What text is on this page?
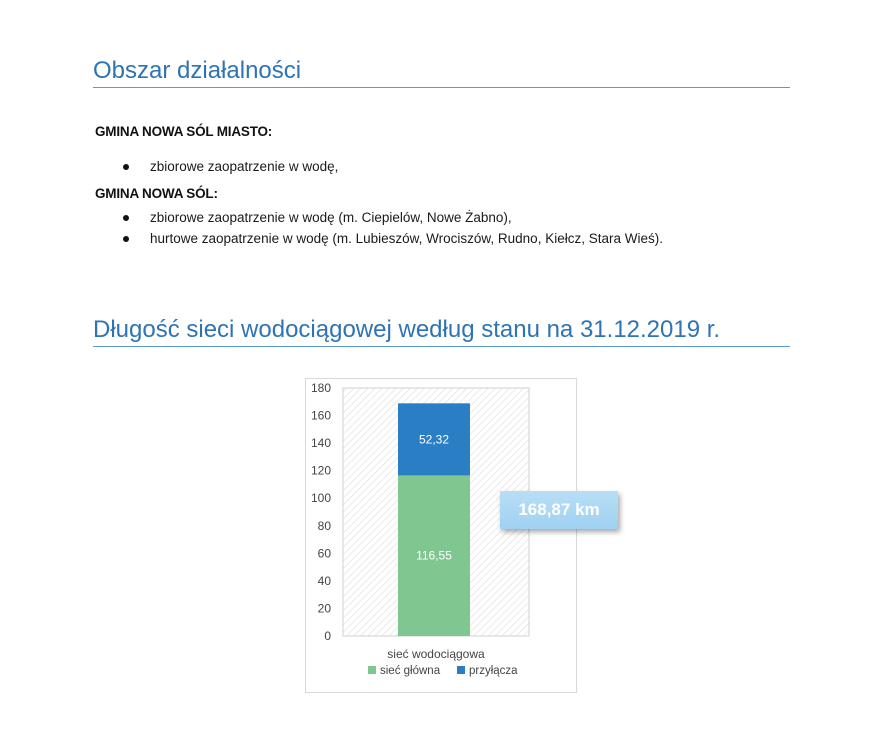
Obszar działalności
GMINA NOWA SÓL MIASTO:
zbiorowe zaopatrzenie w wodę,
GMINA NOWA SÓL:
zbiorowe zaopatrzenie w wodę (m. Ciepielów, Nowe Żabno),
hurtowe zaopatrzenie w wodę (m. Lubieszów, Wrociszów, Rudno, Kiełcz, Stara Wieś).
Długość sieci wodociągowej według stanu na 31.12.2019 r.
0
20
40
60
80
100
120
140
160
180
116,55
52,32
sieć wodociągowa
sieć główna	przyłącza
168,87 km
